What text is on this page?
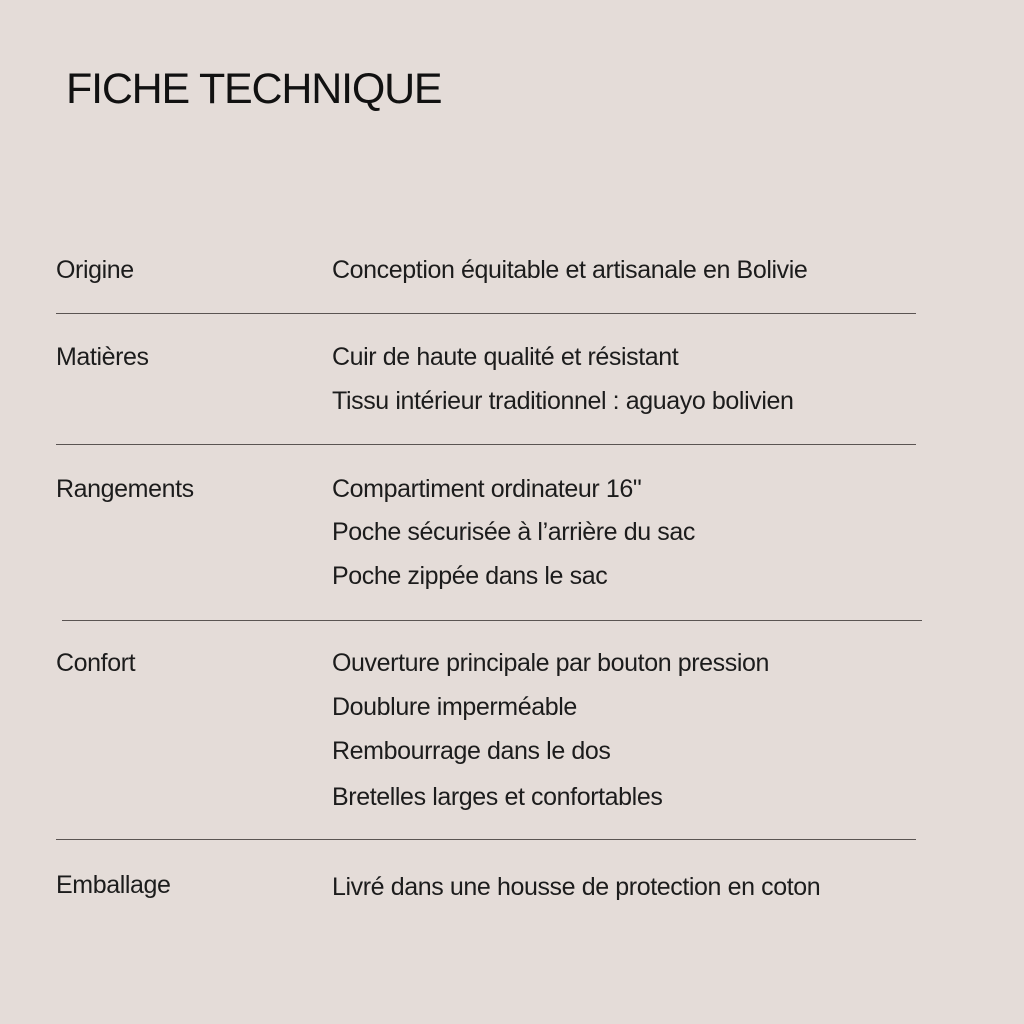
FICHE TECHNIQUE
Origine	Conception équitable et artisanale en Bolivie
Matières	Cuir de haute qualité et résistant
Tissu intérieur traditionnel : aguayo bolivien
Rangements	Compartiment ordinateur 16"
Poche sécurisée à l’arrière du sac
Poche zippée dans le sac
Confort	Ouverture principale par bouton pression
Doublure imperméable
Rembourrage dans le dos
Bretelles larges et confortables
Emballage	Livré dans une housse de protection en coton
